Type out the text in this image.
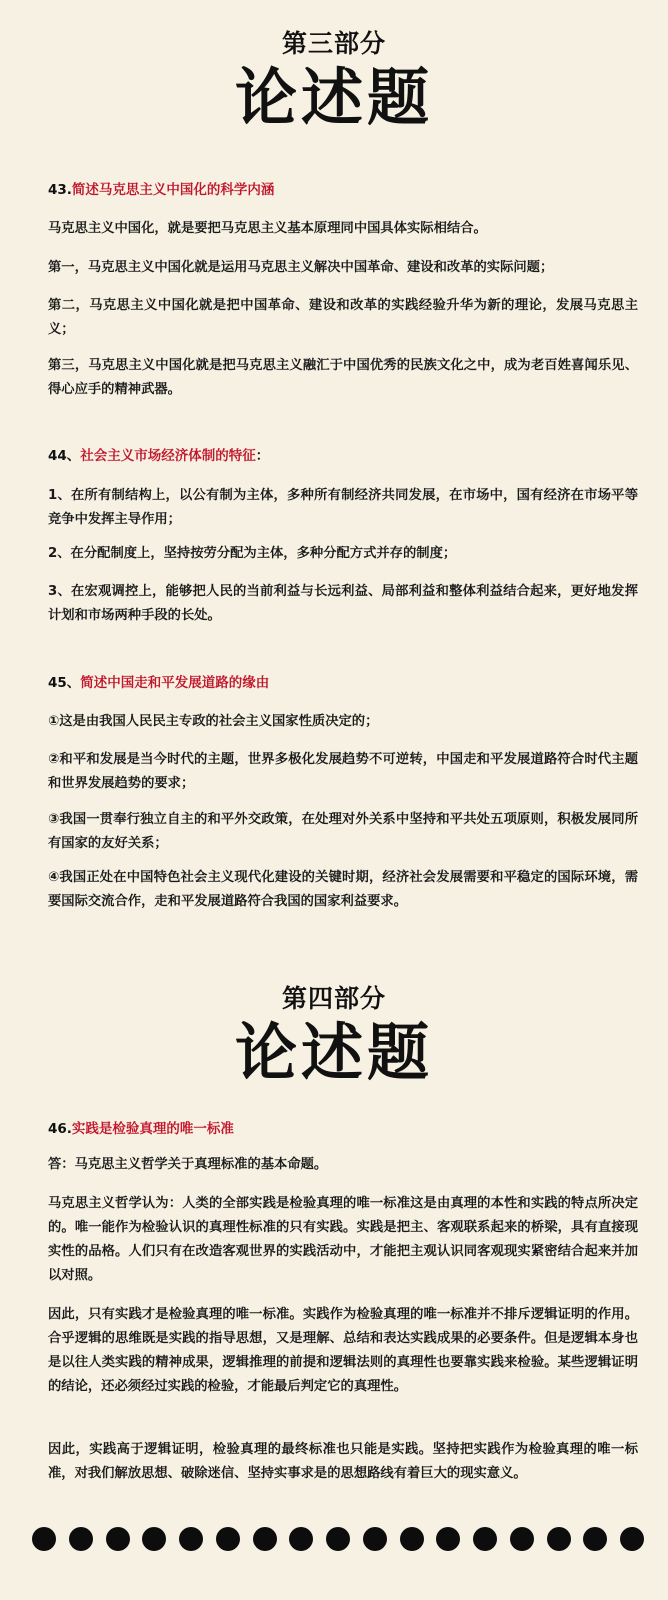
第三部分
论述题

43.简述马克思主义中国化的科学内涵

马克思主义中国化，就是要把马克思主义基本原理同中国具体实际相结合。

第一，马克思主义中国化就是运用马克思主义解决中国革命、建设和改革的实际问题；

第二，马克思主义中国化就是把中国革命、建设和改革的实践经验升华为新的理论，发展马克思主义；

第三，马克思主义中国化就是把马克思主义融汇于中国优秀的民族文化之中，成为老百姓喜闻乐见、得心应手的精神武器。

44、社会主义市场经济体制的特征：

1、在所有制结构上，以公有制为主体，多种所有制经济共同发展，在市场中，国有经济在市场平等竞争中发挥主导作用；

2、在分配制度上，坚持按劳分配为主体，多种分配方式并存的制度；

3、在宏观调控上，能够把人民的当前利益与长远利益、局部利益和整体利益结合起来，更好地发挥计划和市场两种手段的长处。

45、简述中国走和平发展道路的缘由

①这是由我国人民民主专政的社会主义国家性质决定的；

②和平和发展是当今时代的主题，世界多极化发展趋势不可逆转，中国走和平发展道路符合时代主题和世界发展趋势的要求；

③我国一贯奉行独立自主的和平外交政策，在处理对外关系中坚持和平共处五项原则，积极发展同所有国家的友好关系；

④我国正处在中国特色社会主义现代化建设的关键时期，经济社会发展需要和平稳定的国际环境，需要国际交流合作，走和平发展道路符合我国的国家利益要求。

第四部分
论述题

46.实践是检验真理的唯一标准

答：马克思主义哲学关于真理标准的基本命题。

马克思主义哲学认为：人类的全部实践是检验真理的唯一标准这是由真理的本性和实践的特点所决定的。唯一能作为检验认识的真理性标准的只有实践。实践是把主、客观联系起来的桥梁，具有直接现实性的品格。人们只有在改造客观世界的实践活动中，才能把主观认识同客观现实紧密结合起来并加以对照。

因此，只有实践才是检验真理的唯一标准。实践作为检验真理的唯一标准并不排斥逻辑证明的作用。合乎逻辑的思维既是实践的指导思想，又是理解、总结和表达实践成果的必要条件。但是逻辑本身也是以往人类实践的精神成果，逻辑推理的前提和逻辑法则的真理性也要靠实践来检验。某些逻辑证明的结论，还必须经过实践的检验，才能最后判定它的真理性。

因此，实践高于逻辑证明，检验真理的最终标准也只能是实践。坚持把实践作为检验真理的唯一标准，对我们解放思想、破除迷信、坚持实事求是的思想路线有着巨大的现实意义。
